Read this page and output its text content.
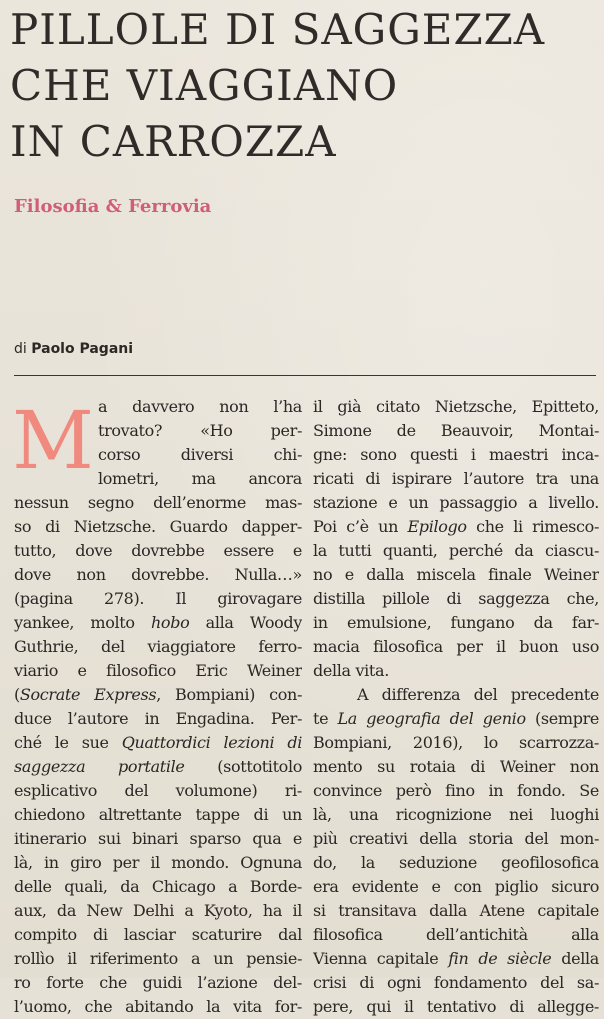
PILLOLE DI SAGGEZZA
CHE VIAGGIANO
IN CARROZZA
Filosofia & Ferrovia
di Paolo Pagani
M a davvero non l’ha
trovato? «Ho per-
corso diversi chi-
lometri, ma ancora
nessun segno dell’enorme mas-
so di Nietzsche. Guardo dapper-
tutto, dove dovrebbe essere e
dove non dovrebbe. Nulla…»
(pagina 278). Il girovagare
yankee, molto hobo alla Woody
Guthrie, del viaggiatore ferro-
viario e filosofico Eric Weiner
(Socrate Express, Bompiani) con-
duce l’autore in Engadina. Per-
ché le sue Quattordici lezioni di
saggezza portatile (sottotitolo
esplicativo del volumone) ri-
chiedono altrettante tappe di un
itinerario sui binari sparso qua e
là, in giro per il mondo. Ognuna
delle quali, da Chicago a Borde-
aux, da New Delhi a Kyoto, ha il
compito di lasciar scaturire dal
rollìo il riferimento a un pensie-
ro forte che guidi l’azione del-
l’uomo, che abitando la vita for-
il già citato Nietzsche, Epitteto,
Simone de Beauvoir, Montai-
gne: sono questi i maestri inca-
ricati di ispirare l’autore tra una
stazione e un passaggio a livello.
Poi c’è un Epilogo che li rimesco-
la tutti quanti, perché da ciascu-
no e dalla miscela finale Weiner
distilla pillole di saggezza che,
in emulsione, fungano da far-
macia filosofica per il buon uso
della vita.
A differenza del precedente
te La geografia del genio (sempre
Bompiani, 2016), lo scarrozza-
mento su rotaia di Weiner non
convince però fino in fondo. Se
là, una ricognizione nei luoghi
più creativi della storia del mon-
do, la seduzione geofilosofica
era evidente e con piglio sicuro
si transitava dalla Atene capitale
filosofica dell’antichità alla
Vienna capitale fin de siècle della
crisi di ogni fondamento del sa-
pere, qui il tentativo di allegge-
